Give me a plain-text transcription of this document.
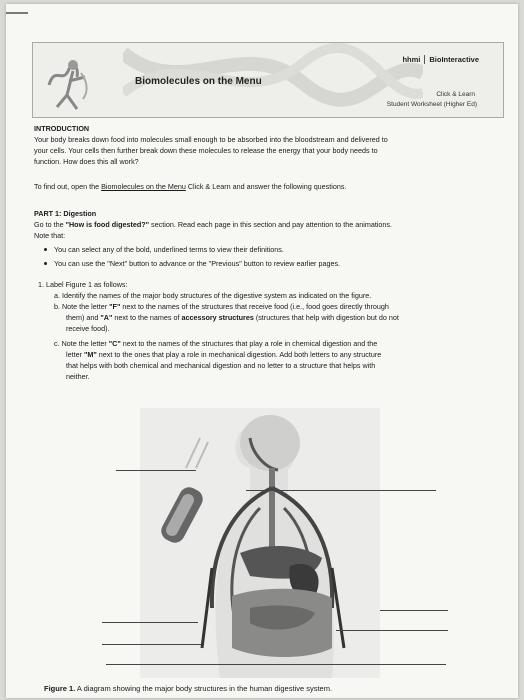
Biomolecules on the Menu
hhmi	BioInteractive
Click & Learn
Student Worksheet (Higher Ed)
INTRODUCTION
Your body breaks down food into molecules small enough to be absorbed into the bloodstream and delivered to
your cells. Your cells then further break down these molecules to release the energy that your body needs to
function. How does this all work?
To find out, open the Biomolecules on the Menu Click & Learn and answer the following questions.
PART 1: Digestion
Go to the "How is food digested?" section. Read each page in this section and pay attention to the animations.
Note that:
You can select any of the bold, underlined terms to view their definitions.
You can use the "Next" button to advance or the "Previous" button to review earlier pages.
1. Label Figure 1 as follows:
a. Identify the names of the major body structures of the digestive system as indicated on the figure.
b. Note the letter "F" next to the names of the structures that receive food (i.e., food goes directly through
them) and "A" next to the names of accessory structures (structures that help with digestion but do not
receive food).
c. Note the letter "C" next to the names of the structures that play a role in chemical digestion and the
letter "M" next to the ones that play a role in mechanical digestion. Add both letters to any structure
that helps with both chemical and mechanical digestion and no letter to a structure that helps with
neither.
Figure 1. A diagram showing the major body structures in the human digestive system.
